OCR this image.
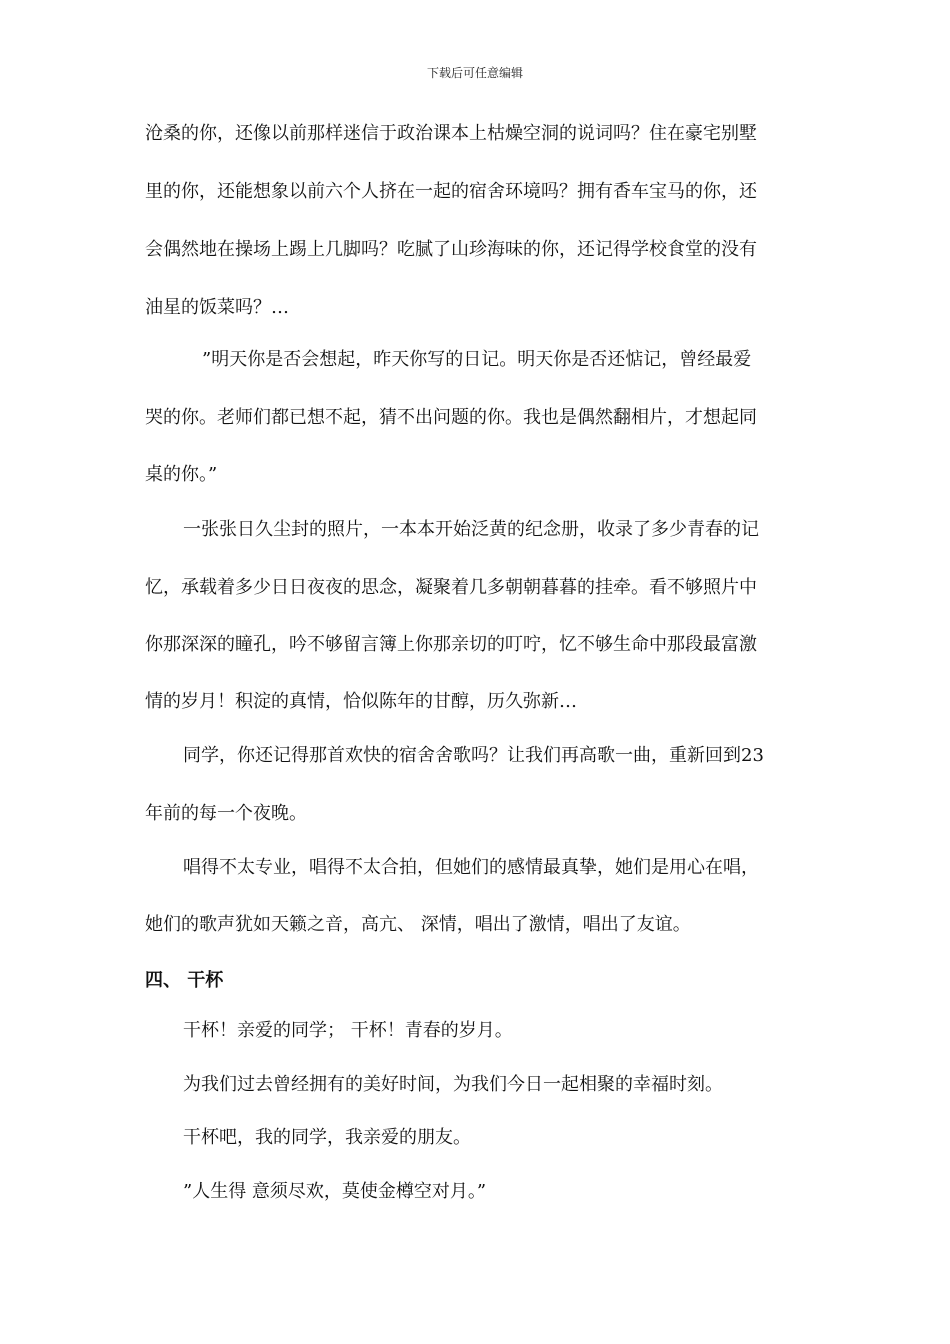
下载后可任意编辑
沧桑的你，还像以前那样迷信于政治课本上枯燥空洞的说词吗？住在豪宅别墅
里的你，还能想象以前六个人挤在一起的宿舍环境吗？拥有香车宝马的你，还
会偶然地在操场上踢上几脚吗？吃腻了山珍海味的你，还记得学校食堂的没有
油星的饭菜吗？…
”明天你是否会想起，昨天你写的日记。明天你是否还惦记，曾经最爱
哭的你。老师们都已想不起，猜不出问题的你。我也是偶然翻相片，才想起同
桌的你。”
一张张日久尘封的照片，一本本开始泛黄的纪念册，收录了多少青春的记
忆，承载着多少日日夜夜的思念，凝聚着几多朝朝暮暮的挂牵。看不够照片中
你那深深的瞳孔，吟不够留言簿上你那亲切的叮咛，忆不够生命中那段最富激
情的岁月！积淀的真情，恰似陈年的甘醇，历久弥新…
同学，你还记得那首欢快的宿舍舍歌吗？让我们再高歌一曲，重新回到23
年前的每一个夜晚。
唱得不太专业，唱得不太合拍，但她们的感情最真挚，她们是用心在唱，
她们的歌声犹如天籁之音，高亢、 深情，唱出了激情，唱出了友谊。
四、 干杯
干杯！亲爱的同学； 干杯！青春的岁月。
为我们过去曾经拥有的美好时间，为我们今日一起相聚的幸福时刻。
干杯吧，我的同学，我亲爱的朋友。
”人生得 意须尽欢，莫使金樽空对月。”
